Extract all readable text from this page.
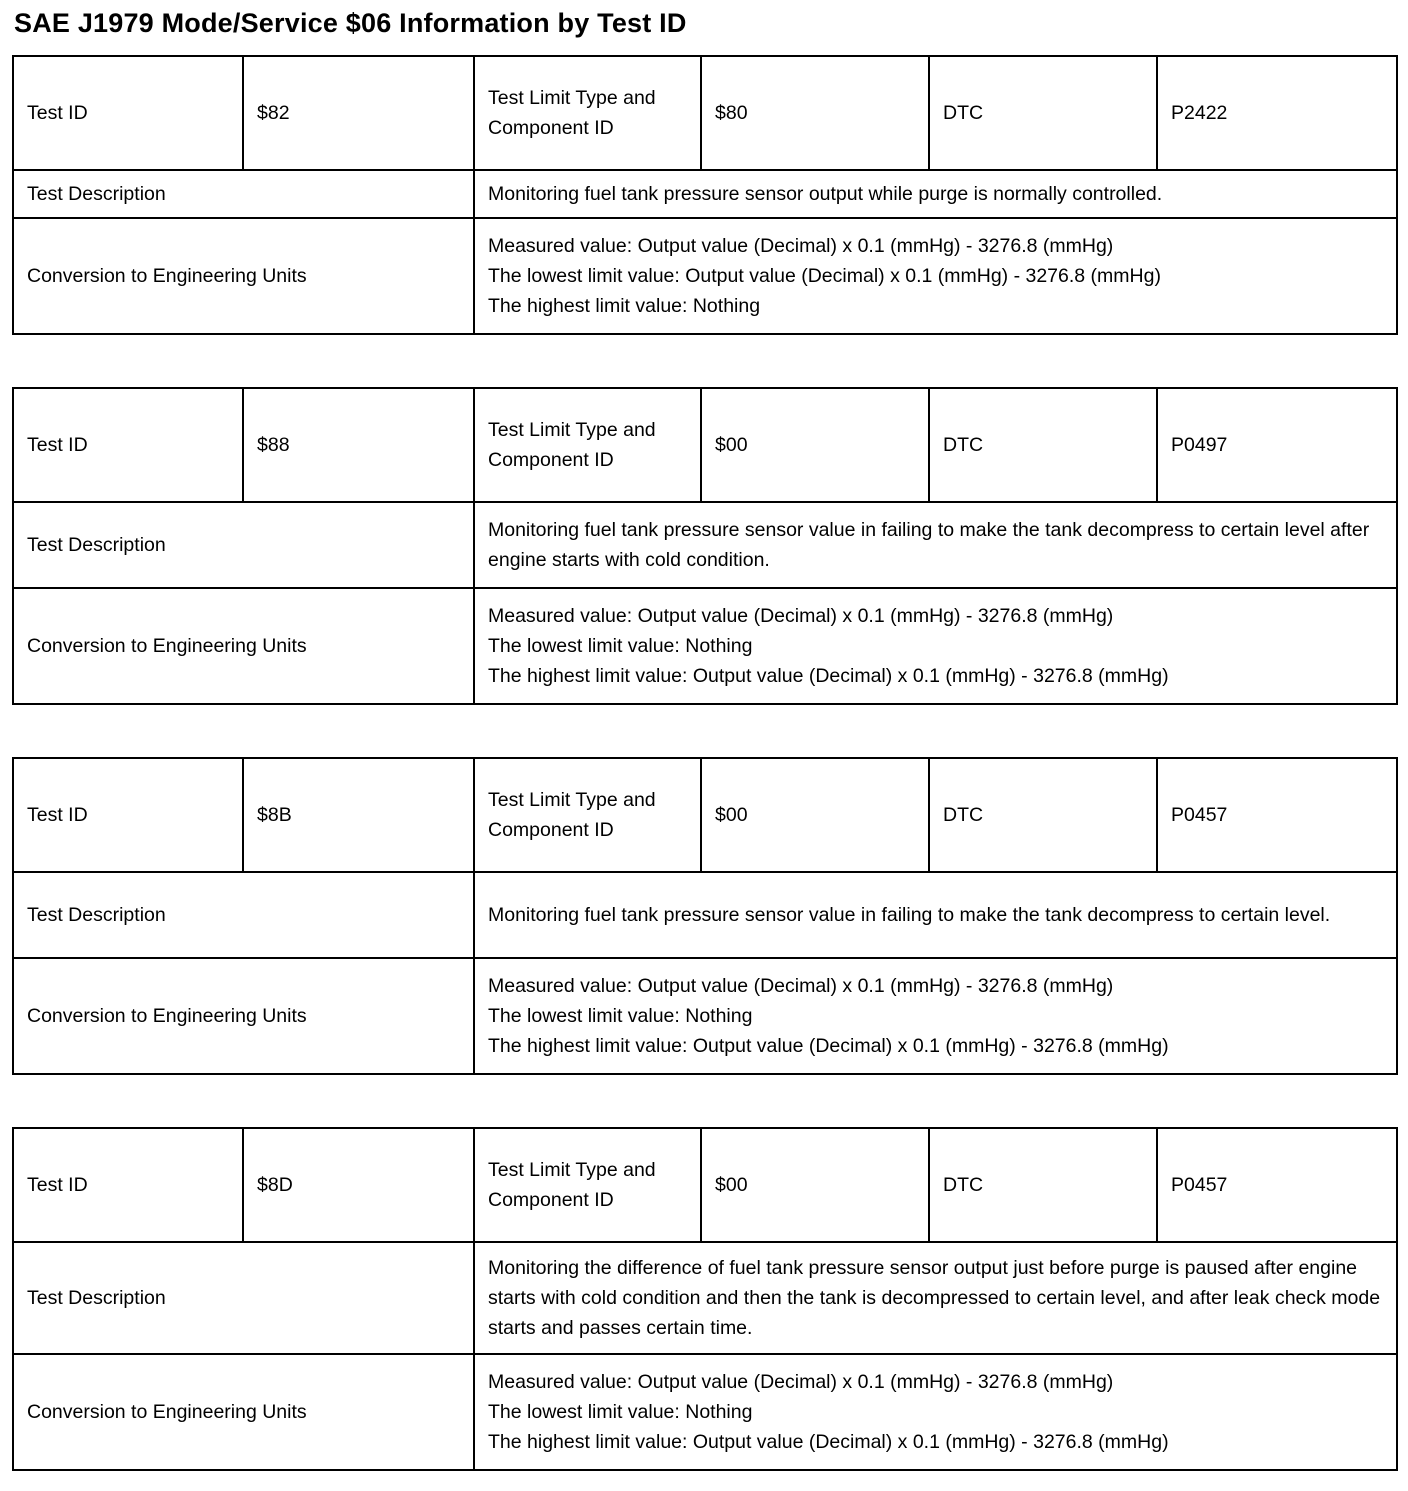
SAE J1979 Mode/Service $06 Information by Test ID
Test ID	$82	Test Limit Type and Component ID	$80	DTC	P2422
Test Description		Monitoring fuel tank pressure sensor output while purge is normally controlled.			
Conversion to Engineering Units		Measured value: Output value (Decimal) x 0.1 (mmHg) - 3276.8 (mmHg)
The lowest limit value: Output value (Decimal) x 0.1 (mmHg) - 3276.8 (mmHg)
The highest limit value: Nothing			
Test ID	$88	Test Limit Type and Component ID	$00	DTC	P0497
Test Description		Monitoring fuel tank pressure sensor value in failing to make the tank decompress to certain level after engine starts with cold condition.			
Conversion to Engineering Units		Measured value: Output value (Decimal) x 0.1 (mmHg) - 3276.8 (mmHg)
The lowest limit value: Nothing
The highest limit value: Output value (Decimal) x 0.1 (mmHg) - 3276.8 (mmHg)			
Test ID	$8B	Test Limit Type and Component ID	$00	DTC	P0457
Test Description		Monitoring fuel tank pressure sensor value in failing to make the tank decompress to certain level.			
Conversion to Engineering Units		Measured value: Output value (Decimal) x 0.1 (mmHg) - 3276.8 (mmHg)
The lowest limit value: Nothing
The highest limit value: Output value (Decimal) x 0.1 (mmHg) - 3276.8 (mmHg)			
Test ID	$8D	Test Limit Type and Component ID	$00	DTC	P0457
Test Description		Monitoring the difference of fuel tank pressure sensor output just before purge is paused after engine starts with cold condition and then the tank is decompressed to certain level, and after leak check mode starts and passes certain time.			
Conversion to Engineering Units		Measured value: Output value (Decimal) x 0.1 (mmHg) - 3276.8 (mmHg)
The lowest limit value: Nothing
The highest limit value: Output value (Decimal) x 0.1 (mmHg) - 3276.8 (mmHg)			
